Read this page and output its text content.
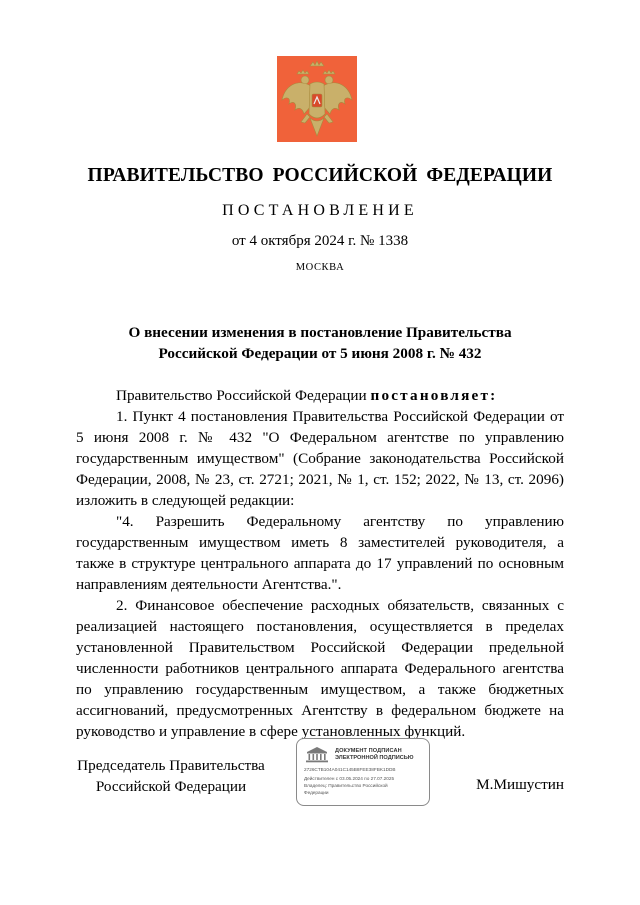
ПРАВИТЕЛЬСТВО РОССИЙСКОЙ ФЕДЕРАЦИИ
ПОСТАНОВЛЕНИЕ
от 4 октября 2024 г. № 1338
МОСКВА
О внесении изменения в постановление Правительства
Российской Федерации от 5 июня 2008 г. № 432

Правительство Российской Федерации постановляет:

1. Пункт 4 постановления Правительства Российской Федерации от 5 июня 2008 г. № 432 "О Федеральном агентстве по управлению государственным имуществом" (Собрание законодательства Российской Федерации, 2008, № 23, ст. 2721; 2021, № 1, ст. 152; 2022, № 13, ст. 2096) изложить в следующей редакции:

"4. Разрешить Федеральному агентству по управлению государственным имуществом иметь 8 заместителей руководителя, а также в структуре центрального аппарата до 17 управлений по основным направлениям деятельности Агентства.".

2. Финансовое обеспечение расходных обязательств, связанных с реализацией настоящего постановления, осуществляется в пределах установленной Правительством Российской Федерации предельной численности работников центрального аппарата Федерального агентства по управлению государственным имуществом, а также бюджетных ассигнований, предусмотренных Агентству в федеральном бюджете на руководство и управление в сфере установленных функций.

Председатель Правительства
Российской Федерации
ДОКУМЕНТ ПОДПИСАН
ЭЛЕКТРОННОЙ ПОДПИСЬЮ
2726CTB104A041C145B8FEE38FBK1DDB
Действителен с 03.05.2024 по 27.07.2025
Владелец: Правительство Российской
Федерации	М.Мишустин
